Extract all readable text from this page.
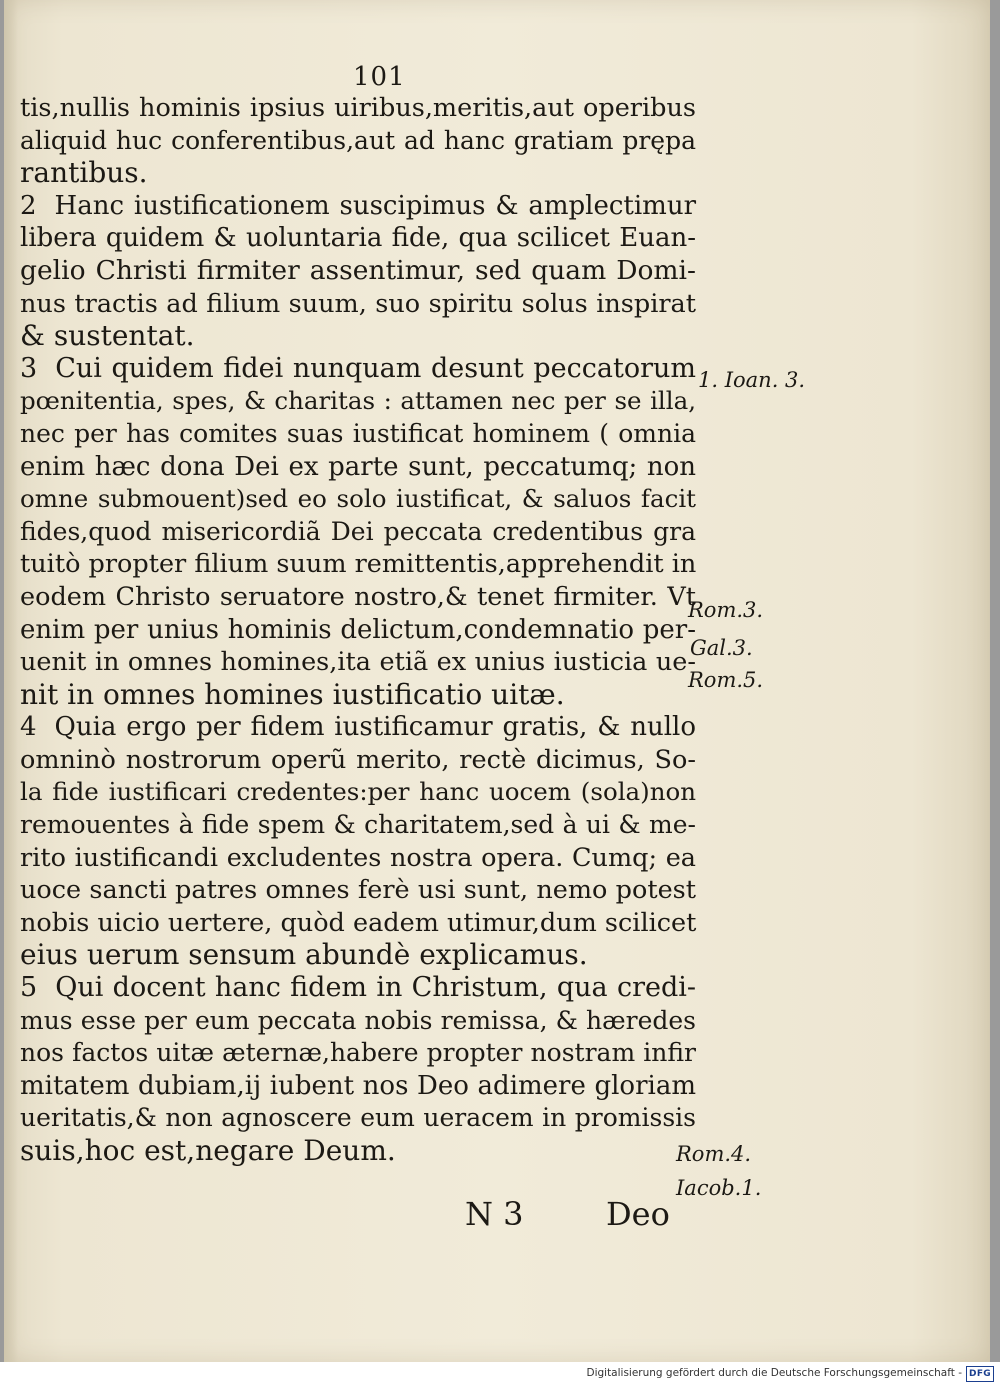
101
tis,nullis hominis ipsius uiribus,meritis,aut operibus
aliquid huc conferentibus,aut ad hanc gratiam prępa
rantibus.
2 Hanc iustificationem suscipimus & amplectimur
libera quidem & uoluntaria fide, qua scilicet Euan-
gelio Christi firmiter assentimur, sed quam Domi-
nus tractis ad filium suum, suo spiritu solus inspirat
& sustentat.
3 Cui quidem fidei nunquam desunt peccatorum
pœnitentia, spes, & charitas : attamen nec per se illa,
nec per has comites suas iustificat hominem ( omnia
enim hæc dona Dei ex parte sunt, peccatumq; non
omne submouent)sed eo solo iustificat, & saluos facit
fides,quod misericordiã Dei peccata credentibus gra
tuitò propter filium suum remittentis,apprehendit in
eodem Christo seruatore nostro,& tenet firmiter. Vt
enim per unius hominis delictum,condemnatio per-
uenit in omnes homines,ita etiã ex unius iusticia ue-
nit in omnes homines iustificatio uitæ.
4 Quia ergo per fidem iustificamur gratis, & nullo
omninò nostrorum operũ merito, rectè dicimus, So-
la fide iustificari credentes:per hanc uocem (sola)non
remouentes à fide spem & charitatem,sed à ui & me-
rito iustificandi excludentes nostra opera. Cumq; ea
uoce sancti patres omnes ferè usi sunt, nemo potest
nobis uicio uertere, quòd eadem utimur,dum scilicet
eius uerum sensum abundè explicamus.
5 Qui docent hanc fidem in Christum, qua credi-
mus esse per eum peccata nobis remissa, & hæredes
nos factos uitæ æternæ,habere propter nostram infir
mitatem dubiam,ij iubent nos Deo adimere gloriam
ueritatis,& non agnoscere eum ueracem in promissis
suis,hoc est,negare Deum.
1. Ioan. 3.
Rom.3.
Gal.3.
Rom.5.
Rom.4.
Iacob.1.
N 3	Deo
Digitalisierung gefördert durch die Deutsche Forschungsgemeinschaft - DFG
